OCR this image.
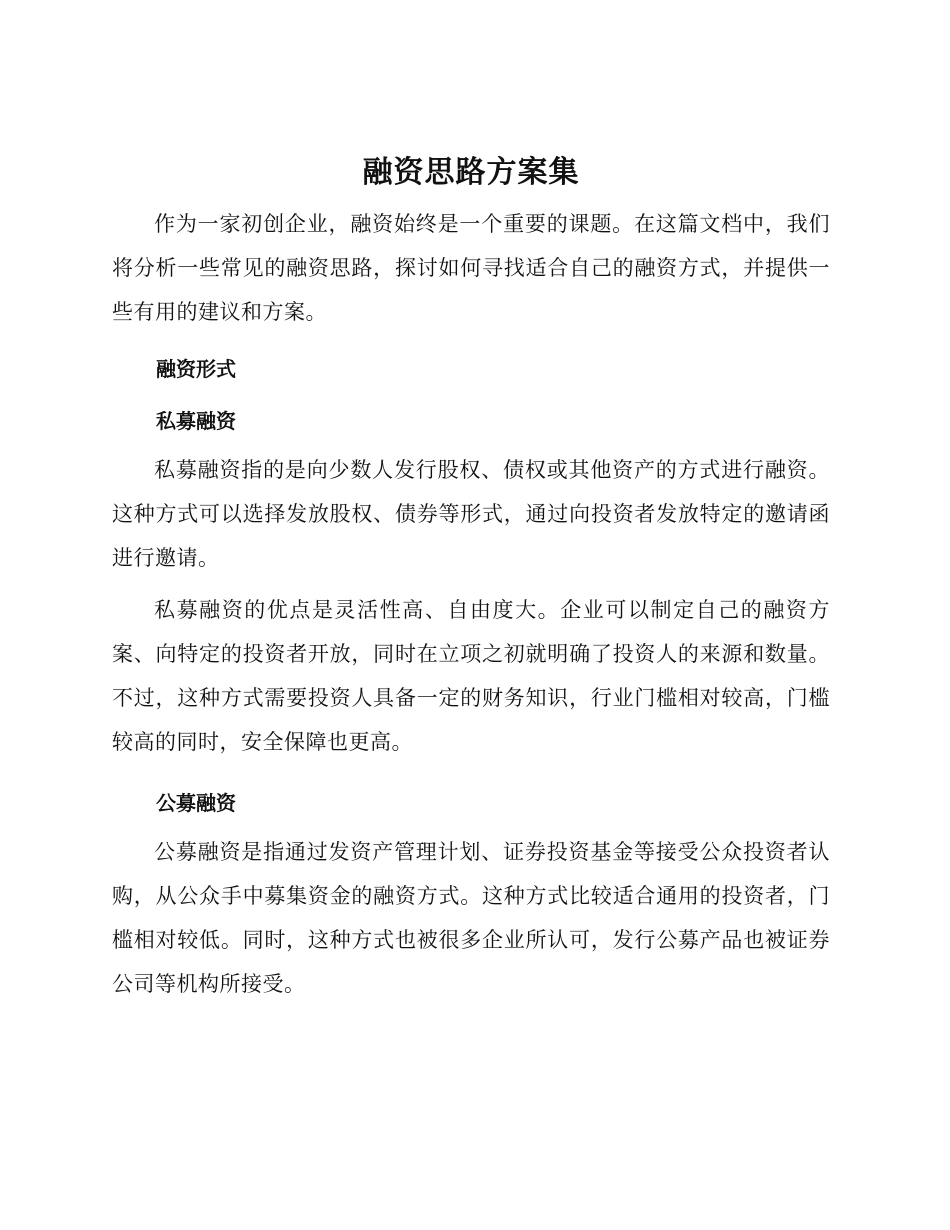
融资思路方案集

作为一家初创企业，融资始终是一个重要的课题。在这篇文档中，我们将分析一些常见的融资思路，探讨如何寻找适合自己的融资方式，并提供一些有用的建议和方案。

融资形式
私募融资

私募融资指的是向少数人发行股权、债权或其他资产的方式进行融资。这种方式可以选择发放股权、债券等形式，通过向投资者发放特定的邀请函进行邀请。

私募融资的优点是灵活性高、自由度大。企业可以制定自己的融资方案、向特定的投资者开放，同时在立项之初就明确了投资人的来源和数量。不过，这种方式需要投资人具备一定的财务知识，行业门槛相对较高，门槛较高的同时，安全保障也更高。

公募融资

公募融资是指通过发资产管理计划、证券投资基金等接受公众投资者认购，从公众手中募集资金的融资方式。这种方式比较适合通用的投资者，门槛相对较低。同时，这种方式也被很多企业所认可，发行公募产品也被证券公司等机构所接受。
